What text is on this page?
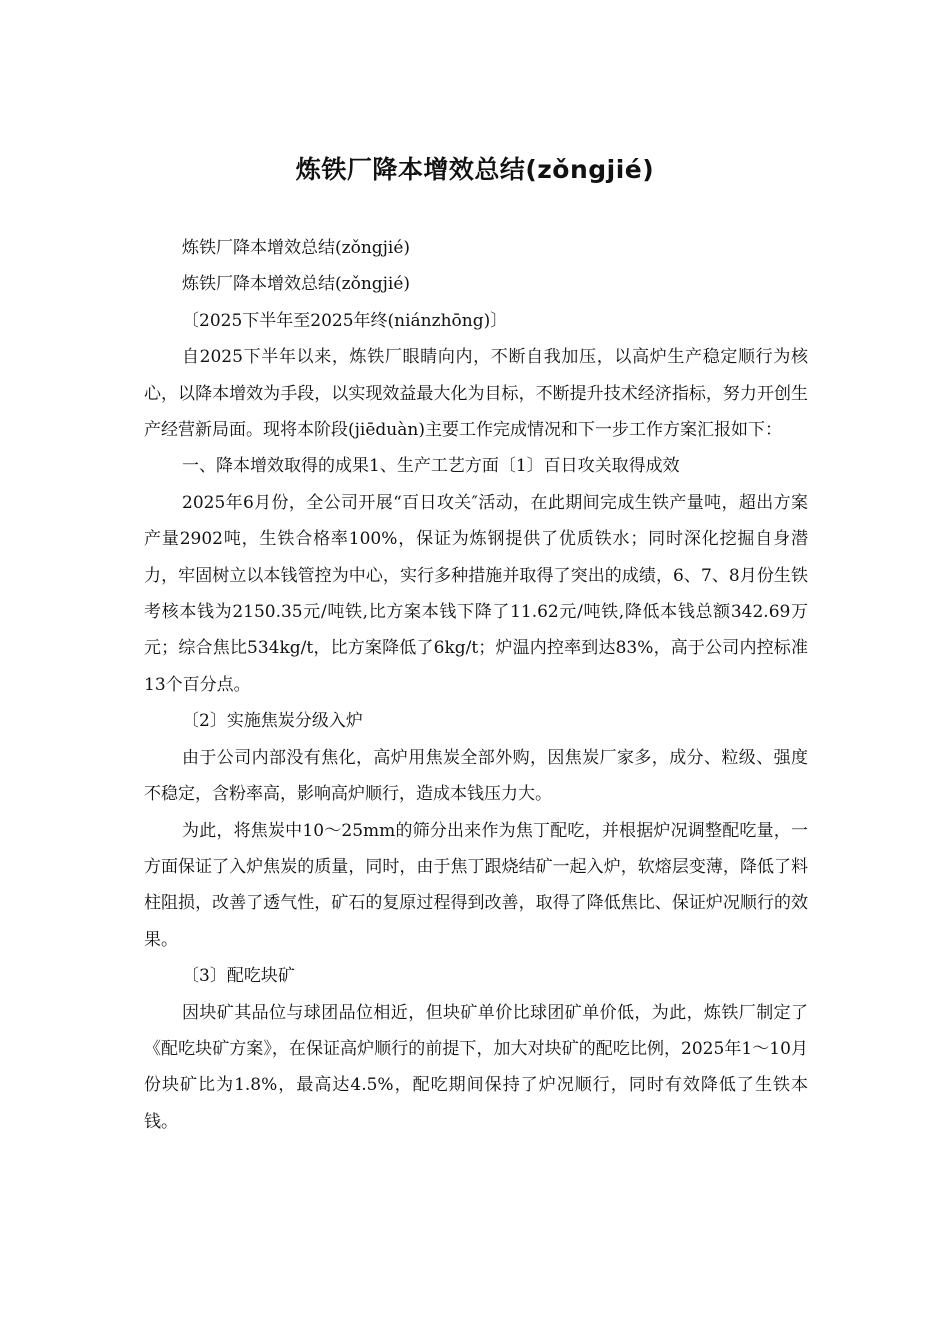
炼铁厂降本增效总结(zǒngjié)

炼铁厂降本增效总结(zǒngjié)

炼铁厂降本增效总结(zǒngjié)

〔2025下半年至2025年终(niánzhōng)〕

自2025下半年以来，炼铁厂眼睛向内，不断自我加压，以高炉生产稳定顺行为核心，以降本增效为手段，以实现效益最大化为目标，不断提升技术经济指标，努力开创生产经营新局面。现将本阶段(jiēduàn)主要工作完成情况和下一步工作方案汇报如下：

一、降本增效取得的成果1、生产工艺方面〔1〕百日攻关取得成效

2025年6月份，全公司开展“百日攻关″活动，在此期间完成生铁产量吨，超出方案产量2902吨，生铁合格率100%，保证为炼钢提供了优质铁水；同时深化挖掘自身潜力，牢固树立以本钱管控为中心，实行多种措施并取得了突出的成绩，6、7、8月份生铁考核本钱为2150.35元/吨铁,比方案本钱下降了11.62元/吨铁,降低本钱总额342.69万元；综合焦比534kg/t，比方案降低了6kg/t；炉温内控率到达83%，高于公司内控标准13个百分点。

〔2〕实施焦炭分级入炉

由于公司内部没有焦化，高炉用焦炭全部外购，因焦炭厂家多，成分、粒级、强度不稳定，含粉率高，影响高炉顺行，造成本钱压力大。

为此，将焦炭中10～25mm的筛分出来作为焦丁配吃，并根据炉况调整配吃量，一方面保证了入炉焦炭的质量，同时，由于焦丁跟烧结矿一起入炉，软熔层变薄，降低了料柱阻损，改善了透气性，矿石的复原过程得到改善，取得了降低焦比、保证炉况顺行的效果。

〔3〕配吃块矿

因块矿其品位与球团品位相近，但块矿单价比球团矿单价低，为此，炼铁厂制定了《配吃块矿方案》，在保证高炉顺行的前提下，加大对块矿的配吃比例，2025年1～10月份块矿比为1.8%，最高达4.5%，配吃期间保持了炉况顺行，同时有效降低了生铁本钱。
